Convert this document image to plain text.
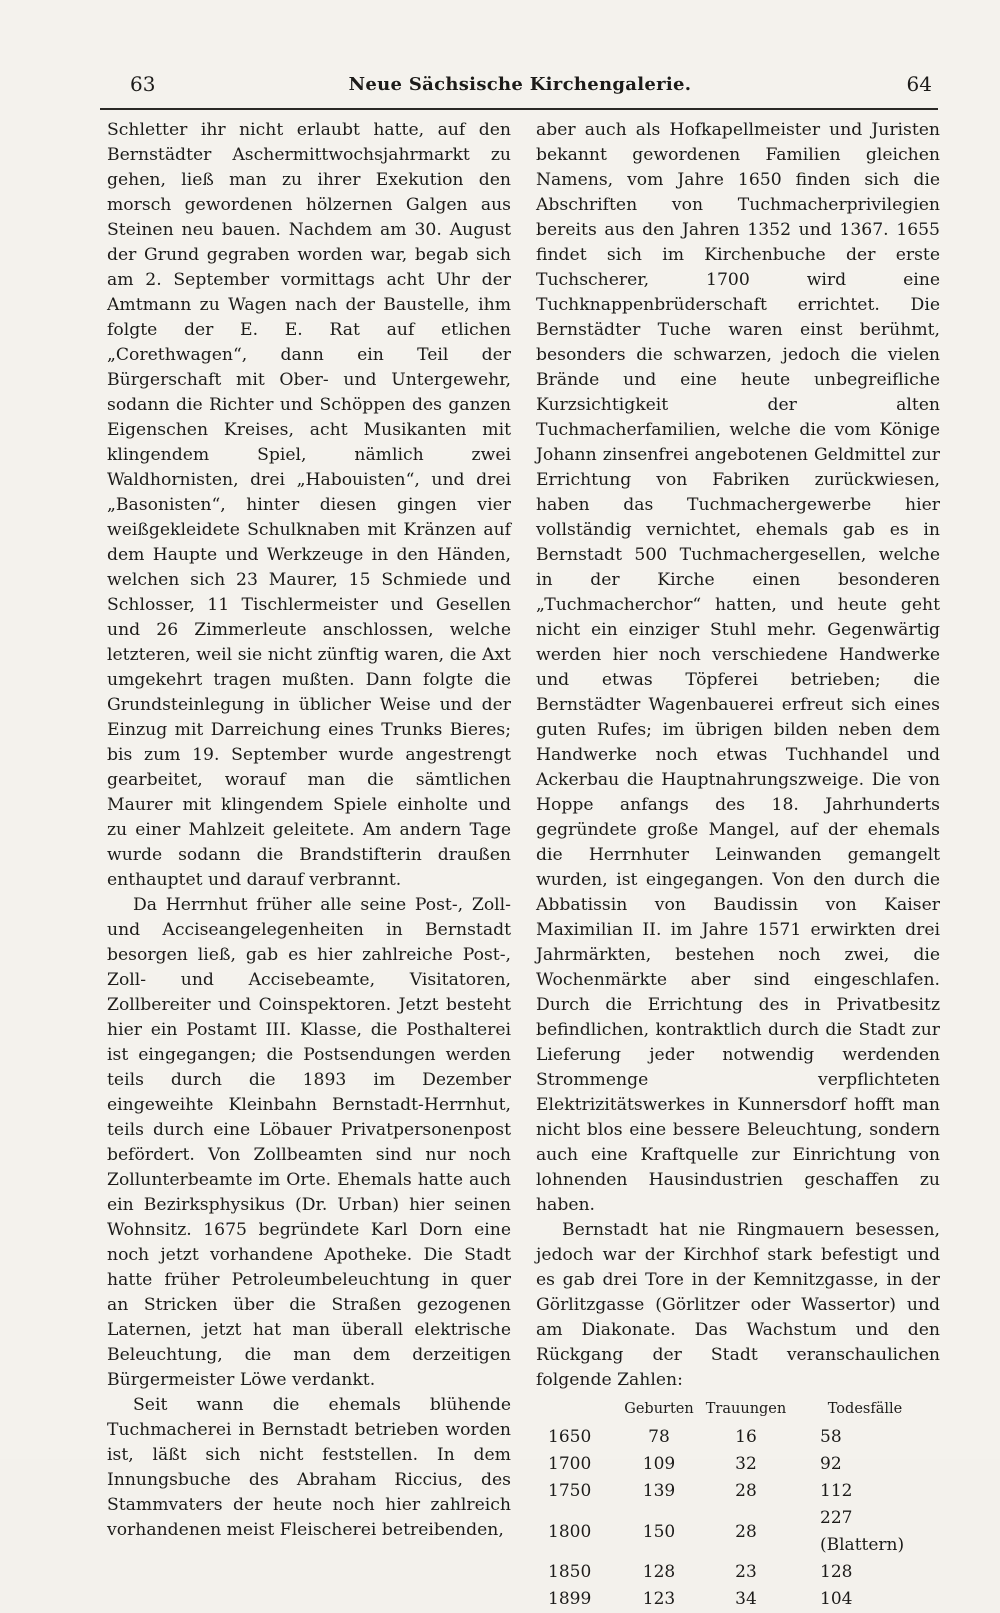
63	Neue Sächsische Kirchengalerie.	64

Schletter ihr nicht erlaubt hatte, auf den Bernstädter Aschermittwochsjahrmarkt zu gehen, ließ man zu ihrer Exekution den morsch gewordenen hölzernen Galgen aus Steinen neu bauen. Nachdem am 30. August der Grund gegraben worden war, begab sich am 2. September vormittags acht Uhr der Amtmann zu Wagen nach der Baustelle, ihm folgte der E. E. Rat auf etlichen „Corethwagen“, dann ein Teil der Bürgerschaft mit Ober- und Untergewehr, sodann die Richter und Schöppen des ganzen Eigenschen Kreises, acht Musikanten mit klingendem Spiel, nämlich zwei Waldhornisten, drei „Habouisten“, und drei „Basonisten“, hinter diesen gingen vier weißgekleidete Schulknaben mit Kränzen auf dem Haupte und Werkzeuge in den Händen, welchen sich 23 Maurer, 15 Schmiede und Schlosser, 11 Tischlermeister und Gesellen und 26 Zimmerleute anschlossen, welche letzteren, weil sie nicht zünftig waren, die Axt umgekehrt tragen mußten. Dann folgte die Grundsteinlegung in üblicher Weise und der Einzug mit Darreichung eines Trunks Bieres; bis zum 19. September wurde angestrengt gearbeitet, worauf man die sämtlichen Maurer mit klingendem Spiele einholte und zu einer Mahlzeit geleitete. Am andern Tage wurde sodann die Brandstifterin draußen enthauptet und darauf verbrannt.

Da Herrnhut früher alle seine Post-, Zoll- und Accisеangelegenheiten in Bernstadt besorgen ließ, gab es hier zahlreiche Post-, Zoll- und Accisebeamte, Visitatoren, Zollbereiter und Coinspektoren. Jetzt besteht hier ein Postamt III. Klasse, die Posthalterei ist eingegangen; die Postsendungen werden teils durch die 1893 im Dezember eingeweihte Kleinbahn Bernstadt-Herrnhut, teils durch eine Löbauer Privatpersonenpost befördert. Von Zollbeamten sind nur noch Zollunterbeamte im Orte. Ehemals hatte auch ein Bezirksphysikus (Dr. Urban) hier seinen Wohnsitz. 1675 begründete Karl Dorn eine noch jetzt vorhandene Apotheke. Die Stadt hatte früher Petroleumbeleuchtung in quer an Stricken über die Straßen gezogenen Laternen, jetzt hat man überall elektrische Beleuchtung, die man dem derzeitigen Bürgermeister Löwe verdankt.

Seit wann die ehemals blühende Tuchmacherei in Bernstadt betrieben worden ist, läßt sich nicht feststellen. In dem Innungsbuche des Abraham Riccius, des Stammvaters der heute noch hier zahlreich vorhandenen meist Fleischerei betreibenden,

aber auch als Hofkapellmeister und Juristen bekannt gewordenen Familien gleichen Namens, vom Jahre 1650 finden sich die Abschriften von Tuchmacherprivilegien bereits aus den Jahren 1352 und 1367. 1655 findet sich im Kirchenbuche der erste Tuchscherer, 1700 wird eine Tuchknappenbrüderschaft errichtet. Die Bernstädter Tuche waren einst berühmt, besonders die schwarzen, jedoch die vielen Brände und eine heute unbegreifliche Kurzsichtigkeit der alten Tuchmacherfamilien, welche die vom Könige Johann zinsenfrei angebotenen Geldmittel zur Errichtung von Fabriken zurückwiesen, haben das Tuchmachergewerbe hier vollständig vernichtet, ehemals gab es in Bernstadt 500 Tuchmachergesellen, welche in der Kirche einen besonderen „Tuchmacherchor“ hatten, und heute geht nicht ein einziger Stuhl mehr. Gegenwärtig werden hier noch verschiedene Handwerke und etwas Töpferei betrieben; die Bernstädter Wagenbauerei erfreut sich eines guten Rufes; im übrigen bilden neben dem Handwerke noch etwas Tuchhandel und Ackerbau die Hauptnahrungszweige. Die von Hoppe anfangs des 18. Jahrhunderts gegründete große Mangel, auf der ehemals die Herrnhuter Leinwanden gemangelt wurden, ist eingegangen. Von den durch die Abbatissin von Baudissin von Kaiser Maximilian II. im Jahre 1571 erwirkten drei Jahrmärkten, bestehen noch zwei, die Wochenmärkte aber sind eingeschlafen. Durch die Errichtung des in Privatbesitz befindlichen, kontraktlich durch die Stadt zur Lieferung jeder notwendig werdenden Strommenge verpflichteten Elektrizitätswerkes in Kunnersdorf hofft man nicht blos eine bessere Beleuchtung, sondern auch eine Kraftquelle zur Einrichtung von lohnenden Hausindustrien geschaffen zu haben.

Bernstadt hat nie Ringmauern besessen, jedoch war der Kirchhof stark befestigt und es gab drei Tore in der Kemnitzgasse, in der Görlitzgasse (Görlitzer oder Wassertor) und am Diakonate. Das Wachstum und den Rückgang der Stadt veranschaulichen folgende Zahlen:

	Geburten	Trauungen	Todesfälle
1650	78	16	58
1700	109	32	92
1750	139	28	112
1800	150	28	227 (Blattern)
1850	128	23	128
1899	123	34	104
